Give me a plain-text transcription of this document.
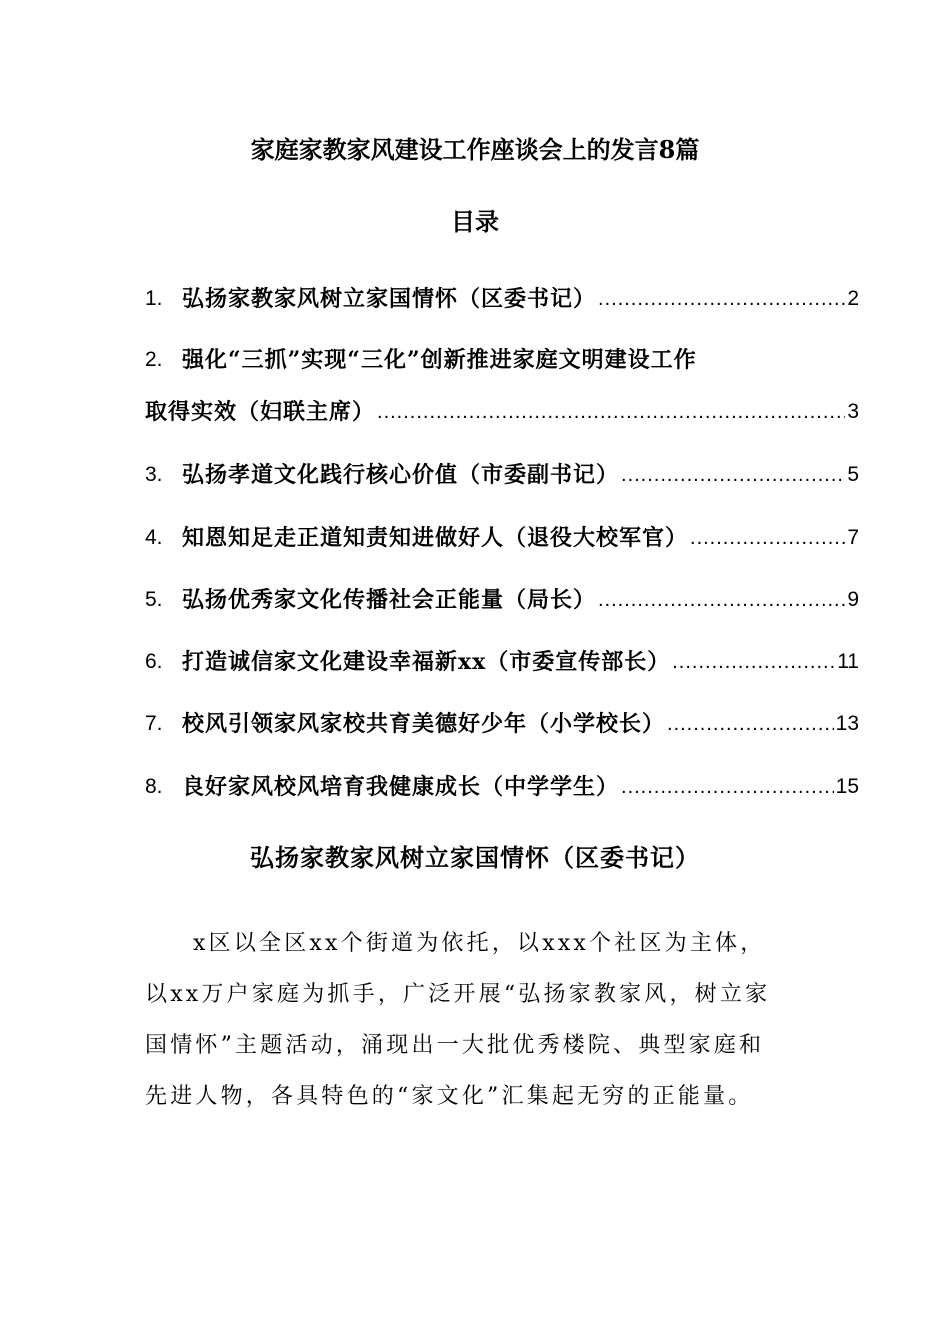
家庭家教家风建设工作座谈会上的发言8篇
目录
1. 弘扬家教家风树立家国情怀（区委书记） .....	2
2. 强化“三抓”实现“三化”创新推进家庭文明建设工作
取得实效（妇联主席） .....	3
3. 弘扬孝道文化践行核心价值（市委副书记） .....	5
4. 知恩知足走正道知责知进做好人（退役大校军官） .....	7
5. 弘扬优秀家文化传播社会正能量（局长） .....	9
6. 打造诚信家文化建设幸福新xx（市委宣传部长） .....	11
7. 校风引领家风家校共育美德好少年（小学校长） .....	13
8. 良好家风校风培育我健康成长（中学学生） .....	15
弘扬家教家风树立家国情怀（区委书记）
x区以全区xx个街道为依托，以xxx个社区为主体，
以xx万户家庭为抓手，广泛开展“弘扬家教家风，树立家
国情怀”主题活动，涌现出一大批优秀楼院、典型家庭和
先进人物，各具特色的“家文化”汇集起无穷的正能量。
